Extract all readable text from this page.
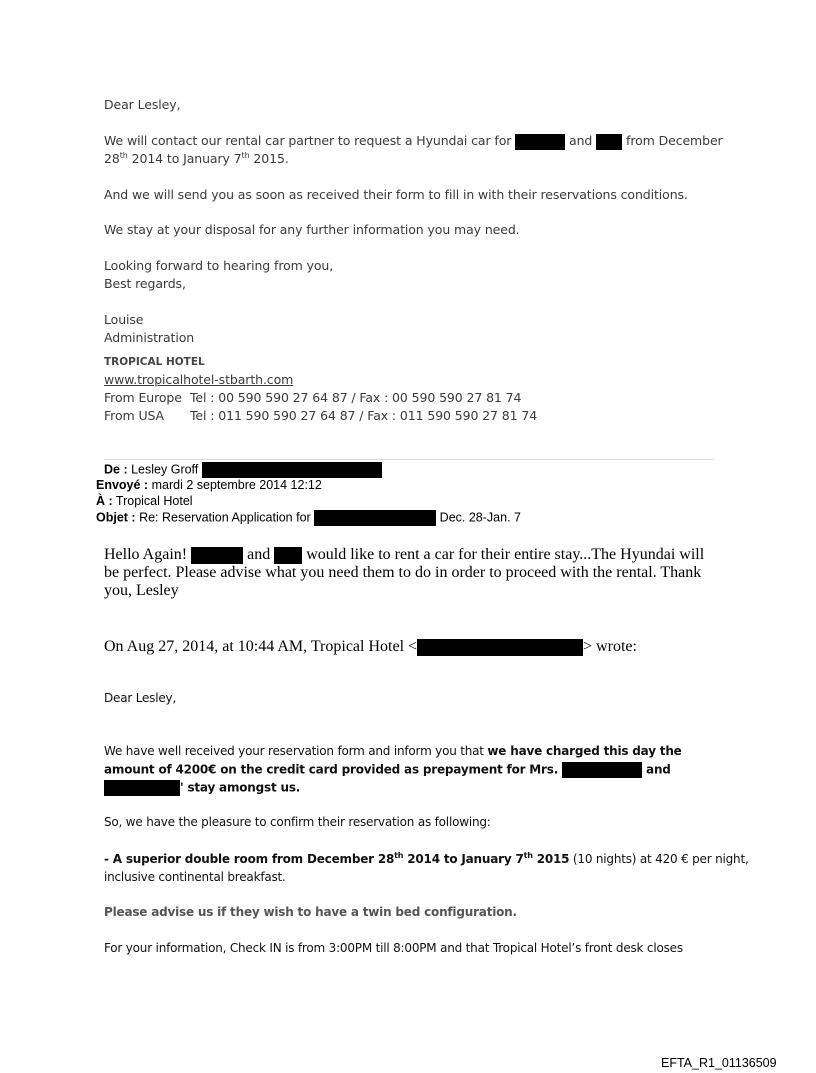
Dear Lesley,
We will contact our rental car partner to request a Hyundai car for	and	from December
28th 2014 to January 7th 2015.
And we will send you as soon as received their form to fill in with their reservations conditions.
We stay at your disposal for any further information you may need.
Looking forward to hearing from you,
Best regards,
Louise
Administration
TROPICAL HOTEL
www.tropicalhotel-stbarth.com
From Europe Tel : 00 590 590 27 64 87 / Fax : 00 590 590 27 81 74
From USA Tel : 011 590 590 27 64 87 / Fax : 011 590 590 27 81 74
De : Lesley Groff
Envoyé : mardi 2 septembre 2014 12:12
À : Tropical Hotel
Objet : Re: Reservation Application for	Dec. 28-Jan. 7
Hello Again!	and would like to rent a car for their entire stay...The Hyundai will
be perfect. Please advise what you need them to do in order to proceed with the rental. Thank
you, Lesley
On Aug 27, 2014, at 10:44 AM, Tropical Hotel <	> wrote:
Dear Lesley,
We have well received your reservation form and inform you that we have charged this day the
amount of 4200€ on the credit card provided as prepayment for Mrs.	and
' stay amongst us.
So, we have the pleasure to confirm their reservation as following:
- A superior double room from December 28th 2014 to January 7th 2015 (10 nights) at 420 € per night,
inclusive continental breakfast.
Please advise us if they wish to have a twin bed configuration.
For your information, Check IN is from 3:00PM till 8:00PM and that Tropical Hotel’s front desk closes
EFTA_R1_01136509
